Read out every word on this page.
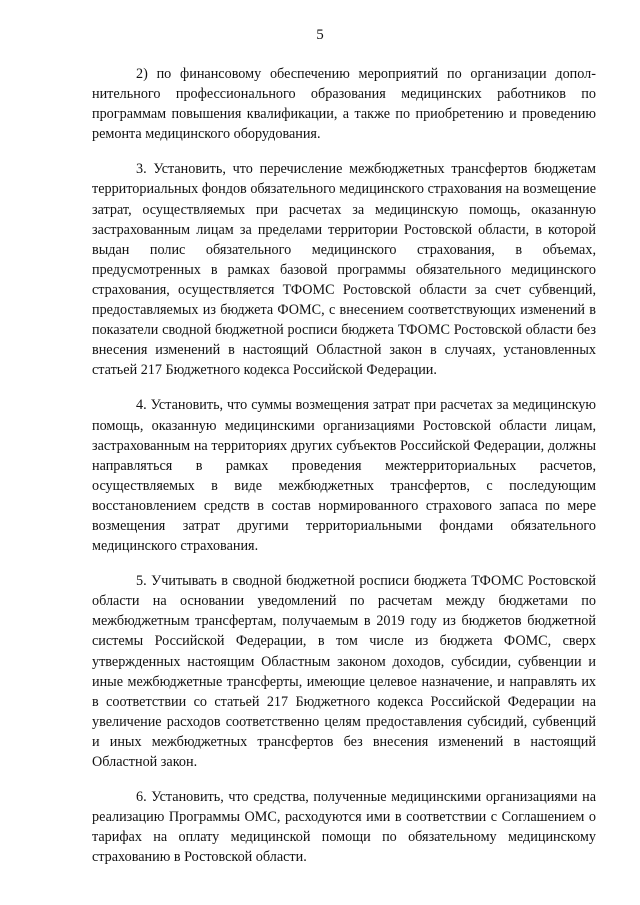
5

2) по финансовому обеспечению мероприятий по организации дополнительного профессионального образования медицинских работников по программам повышения квалификации, а также по приобретению и проведению ремонта медицинского оборудования.

3. Установить, что перечисление межбюджетных трансфертов бюджетам территориальных фондов обязательного медицинского страхования на возмещение затрат, осуществляемых при расчетах за медицинскую помощь, оказанную застрахованным лицам за пределами территории Ростовской области, в которой выдан полис обязательного медицинского страхования, в объемах, предусмотренных в рамках базовой программы обязательного медицинского страхования, осуществляется ТФОМС Ростовской области за счет субвенций, предоставляемых из бюджета ФОМС, с внесением соответствующих изменений в показатели сводной бюджетной росписи бюджета ТФОМС Ростовской области без внесения изменений в настоящий Областной закон в случаях, установленных статьей 217 Бюджетного кодекса Российской Федерации.

4. Установить, что суммы возмещения затрат при расчетах за медицинскую помощь, оказанную медицинскими организациями Ростовской области лицам, застрахованным на территориях других субъектов Российской Федерации, должны направляться в рамках проведения межтерриториальных расчетов, осуществляемых в виде межбюджетных трансфертов, с последующим восстановлением средств в состав нормированного страхового запаса по мере возмещения затрат другими территориальными фондами обязательного медицинского страхования.

5. Учитывать в сводной бюджетной росписи бюджета ТФОМС Ростовской области на основании уведомлений по расчетам между бюджетами по межбюджетным трансфертам, получаемым в 2019 году из бюджетов бюджетной системы Российской Федерации, в том числе из бюджета ФОМС, сверх утвержденных настоящим Областным законом доходов, субсидии, субвенции и иные межбюджетные трансферты, имеющие целевое назначение, и направлять их в соответствии со статьей 217 Бюджетного кодекса Российской Федерации на увеличение расходов соответственно целям предоставления субсидий, субвенций и иных межбюджетных трансфертов без внесения изменений в настоящий Областной закон.

6. Установить, что средства, полученные медицинскими организациями на реализацию Программы ОМС, расходуются ими в соответствии с Соглашением о тарифах на оплату медицинской помощи по обязательному медицинскому страхованию в Ростовской области.
